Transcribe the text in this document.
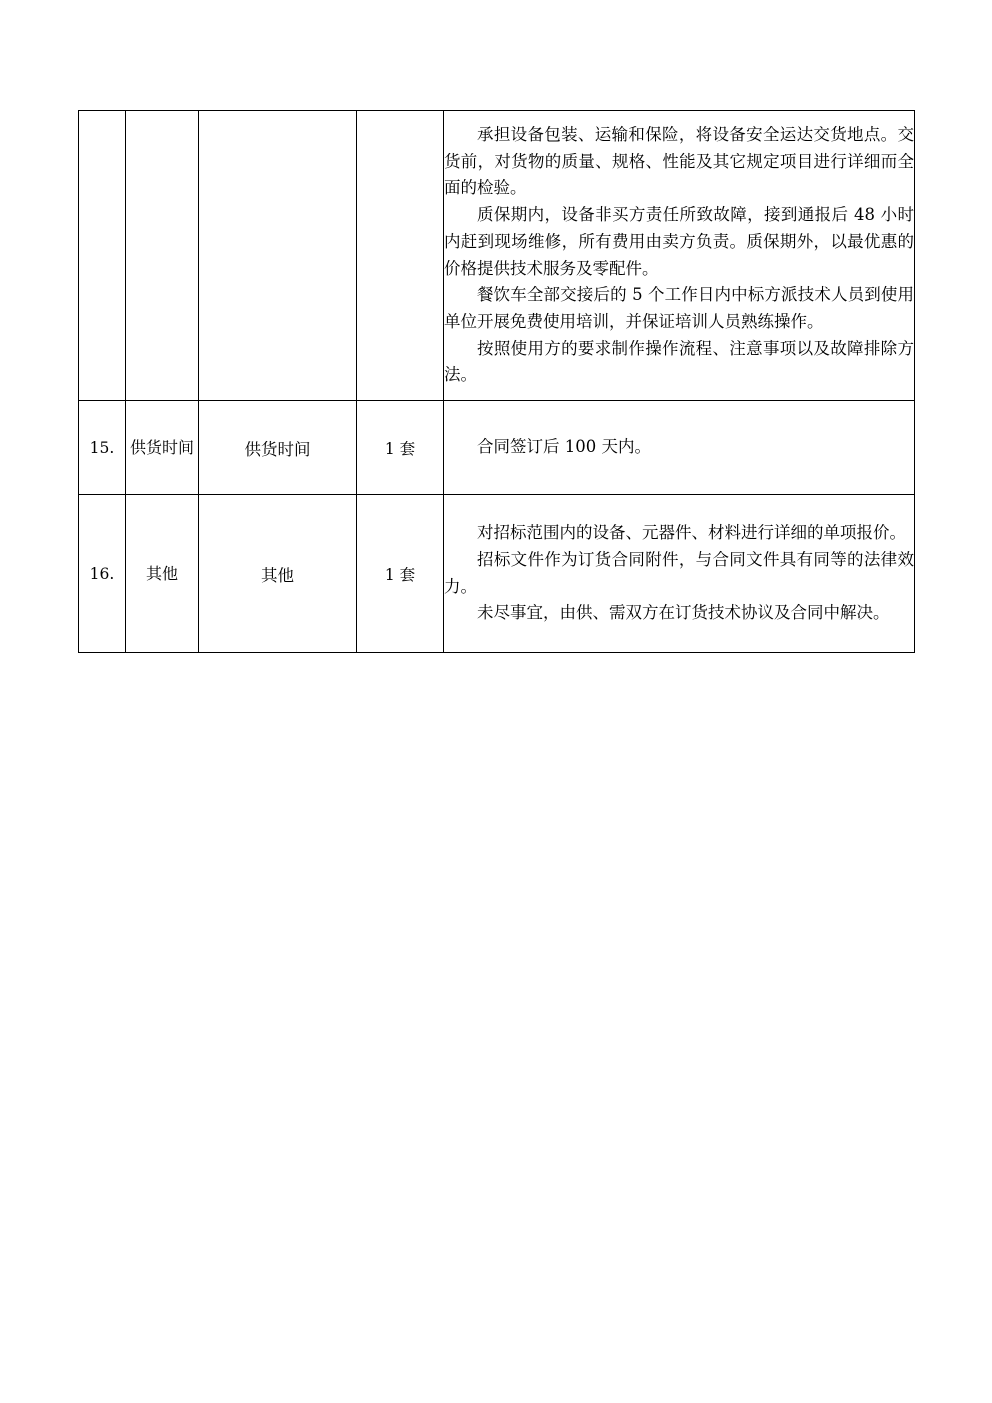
				承担设备包装、运输和保险，将设备安全运达交货地点。交货前，对货物的质量、规格、性能及其它规定项目进行详细而全面的检验。

质保期内，设备非买方责任所致故障，接到通报后 48 小时内赶到现场维修，所有费用由卖方负责。质保期外，以最优惠的价格提供技术服务及零配件。

餐饮车全部交接后的 5 个工作日内中标方派技术人员到使用单位开展免费使用培训，并保证培训人员熟练操作。

按照使用方的要求制作操作流程、注意事项以及故障排除方法。

15.	供货时间	供货时间	1 套	合同签订后 100 天内。

16.	其他	其他	1 套	对招标范围内的设备、元器件、材料进行详细的单项报价。

招标文件作为订货合同附件，与合同文件具有同等的法律效力。

未尽事宜，由供、需双方在订货技术协议及合同中解决。
